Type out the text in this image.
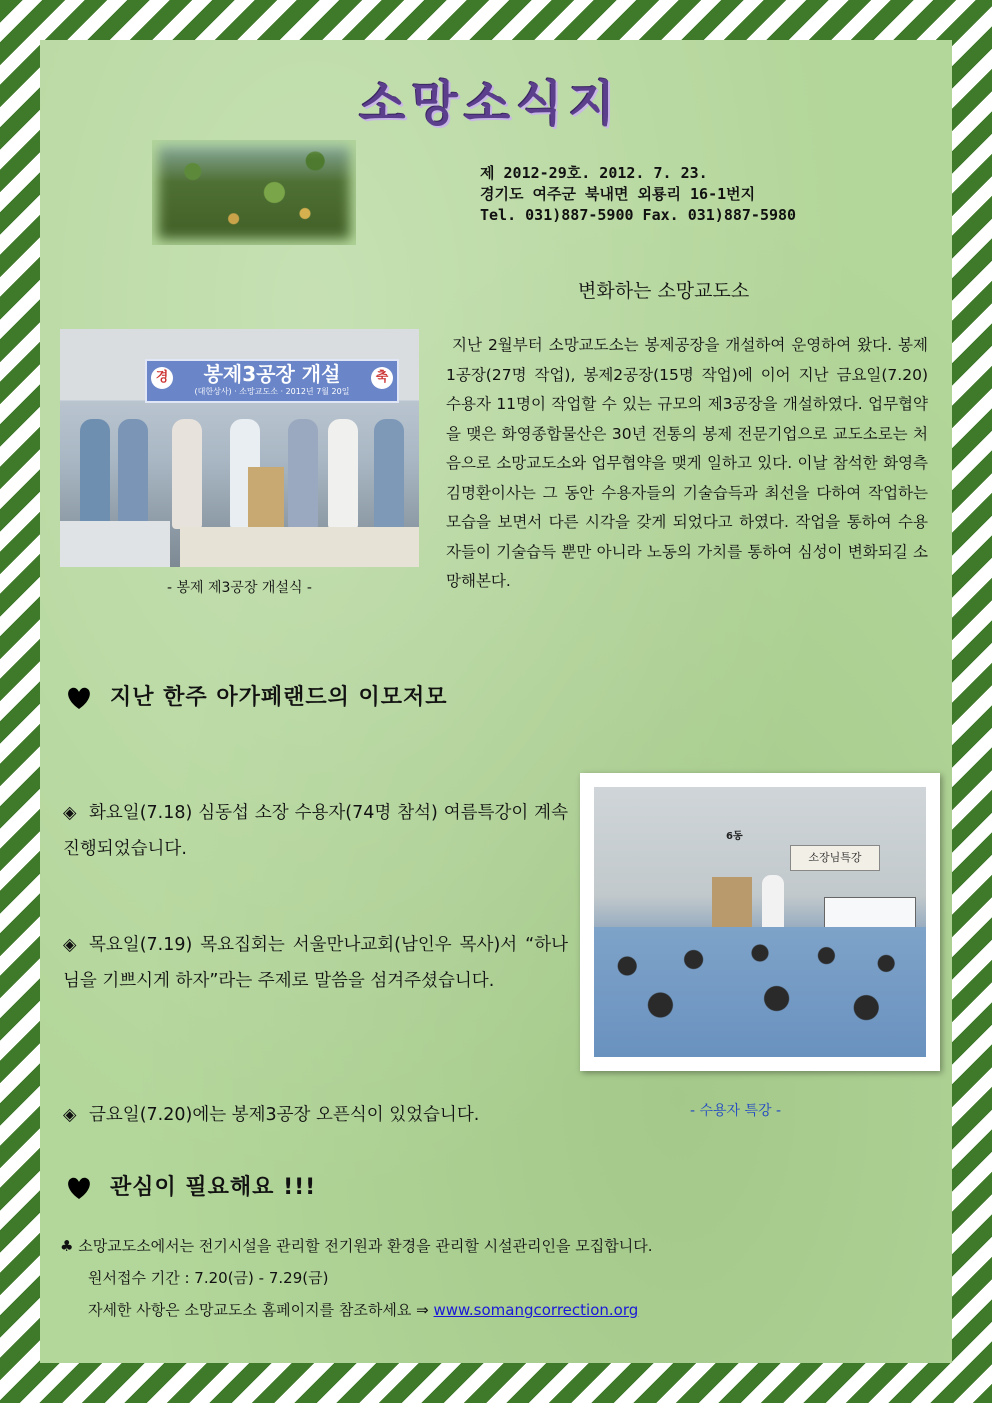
소망소식지
제 2012-29호. 2012. 7. 23.
경기도 여주군 북내면 외룡리 16-1번지
Tel. 031)887-5900 Fax. 031)887-5980
변화하는 소망교도소
경 봉제3공장 개설	축
(대한상사) · 소망교도소 · 2012년 7월 20일
- 봉제 제3공장 개설식 -
지난 2월부터 소망교도소는 봉제공장을 개설하여 운영하여 왔다. 봉제1공장(27명 작업), 봉제2공장(15명 작업)에 이어 지난 금요일(7.20) 수용자 11명이 작업할 수 있는 규모의 제3공장을 개설하였다. 업무협약을 맺은 화영종합물산은 30년 전통의 봉제 전문기업으로 교도소로는 처음으로 소망교도소와 업무협약을 맺게 일하고 있다. 이날 참석한 화영측 김명환이사는 그 동안 수용자들의 기술습득과 최선을 다하여 작업하는 모습을 보면서 다른 시각을 갖게 되었다고 하였다. 작업을 통하여 수용자들이 기술습득 뿐만 아니라 노동의 가치를 통하여 심성이 변화되길 소망해본다.
지난 한주 아가페랜드의 이모저모
◈ 화요일(7.18) 심동섭 소장 수용자(74명 참석) 여름특강이 계속 진행되었습니다.
◈ 목요일(7.19) 목요집회는 서울만나교회(남인우 목사)서 “하나님을 기쁘시게 하자”라는 주제로 말씀을 섬겨주셨습니다.
◈ 금요일(7.20)에는 봉제3공장 오픈식이 있었습니다.
소장님특강
6동
- 수용자 특강 -
관심이 필요해요 !!!
♣ 소망교도소에서는 전기시설을 관리할 전기원과 환경을 관리할 시설관리인을 모집합니다.
원서접수 기간 : 7.20(금) - 7.29(금)
자세한 사항은 소망교도소 홈페이지를 참조하세요 ⇒ www.somangcorrection.org
